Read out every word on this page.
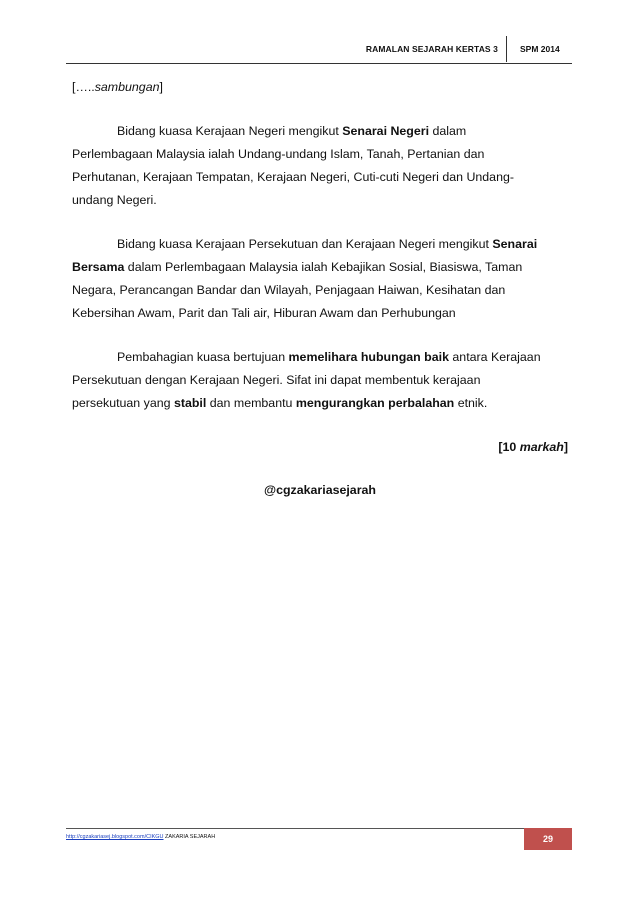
RAMALAN SEJARAH KERTAS 3	SPM 2014

[…..sambungan]

Bidang kuasa Kerajaan Negeri mengikut Senarai Negeri dalam
Perlembagaan Malaysia ialah Undang-undang Islam, Tanah, Pertanian dan
Perhutanan, Kerajaan Tempatan, Kerajaan Negeri, Cuti-cuti Negeri dan Undang-
undang Negeri.

Bidang kuasa Kerajaan Persekutuan dan Kerajaan Negeri mengikut Senarai
Bersama dalam Perlembagaan Malaysia ialah Kebajikan Sosial, Biasiswa, Taman
Negara, Perancangan Bandar dan Wilayah, Penjagaan Haiwan, Kesihatan dan
Kebersihan Awam, Parit dan Tali air, Hiburan Awam dan Perhubungan

Pembahagian kuasa bertujuan memelihara hubungan baik antara Kerajaan
Persekutuan dengan Kerajaan Negeri. Sifat ini dapat membentuk kerajaan
persekutuan yang stabil dan membantu mengurangkan perbalahan etnik.

[10 markah]

@cgzakariasejarah

http://cgzakariasej.blogspot.com/CIKGU ZAKARIA SEJARAH	29
